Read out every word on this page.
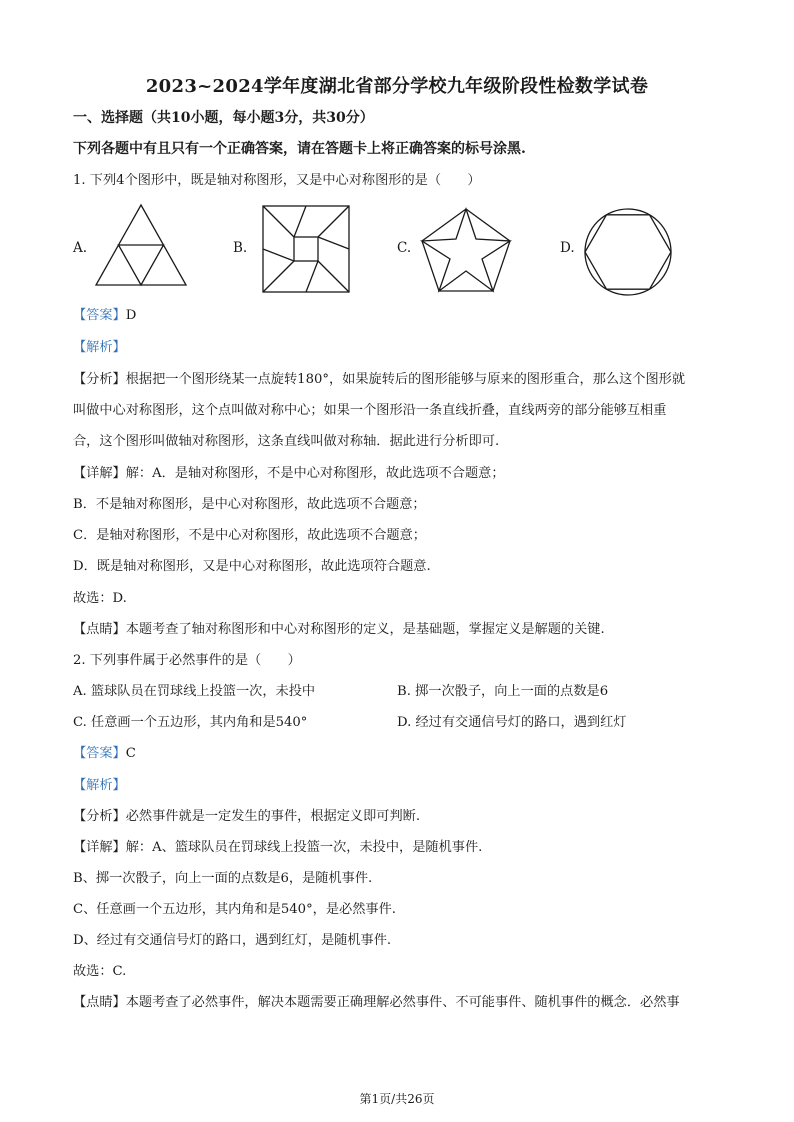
2023~2024学年度湖北省部分学校九年级阶段性检数学试卷
一、选择题（共10小题，每小题3分，共30分）
下列各题中有且只有一个正确答案，请在答题卡上将正确答案的标号涂黑.
1. 下列4个图形中，既是轴对称图形，又是中心对称图形的是（　　）
A.	B.	C.	D.
【答案】D
【解析】
【分析】根据把一个图形绕某一点旋转180°，如果旋转后的图形能够与原来的图形重合，那么这个图形就
叫做中心对称图形，这个点叫做对称中心；如果一个图形沿一条直线折叠，直线两旁的部分能够互相重
合，这个图形叫做轴对称图形，这条直线叫做对称轴．据此进行分析即可.
【详解】解：A．是轴对称图形，不是中心对称图形，故此选项不合题意；
B．不是轴对称图形，是中心对称图形，故此选项不合题意；
C．是轴对称图形，不是中心对称图形，故此选项不合题意；
D．既是轴对称图形，又是中心对称图形，故此选项符合题意.
故选：D.
【点睛】本题考查了轴对称图形和中心对称图形的定义，是基础题，掌握定义是解题的关键.
2. 下列事件属于必然事件的是（　　）
A. 篮球队员在罚球线上投篮一次，未投中	B. 掷一次骰子，向上一面的点数是6
C. 任意画一个五边形，其内角和是540°	D. 经过有交通信号灯的路口，遇到红灯
【答案】C
【解析】
【分析】必然事件就是一定发生的事件，根据定义即可判断.
【详解】解：A、篮球队员在罚球线上投篮一次，未投中，是随机事件.
B、掷一次骰子，向上一面的点数是6，是随机事件.
C、任意画一个五边形，其内角和是540°，是必然事件.
D、经过有交通信号灯的路口，遇到红灯，是随机事件.
故选：C.
【点睛】本题考查了必然事件，解决本题需要正确理解必然事件、不可能事件、随机事件的概念．必然事
第1页/共26页
